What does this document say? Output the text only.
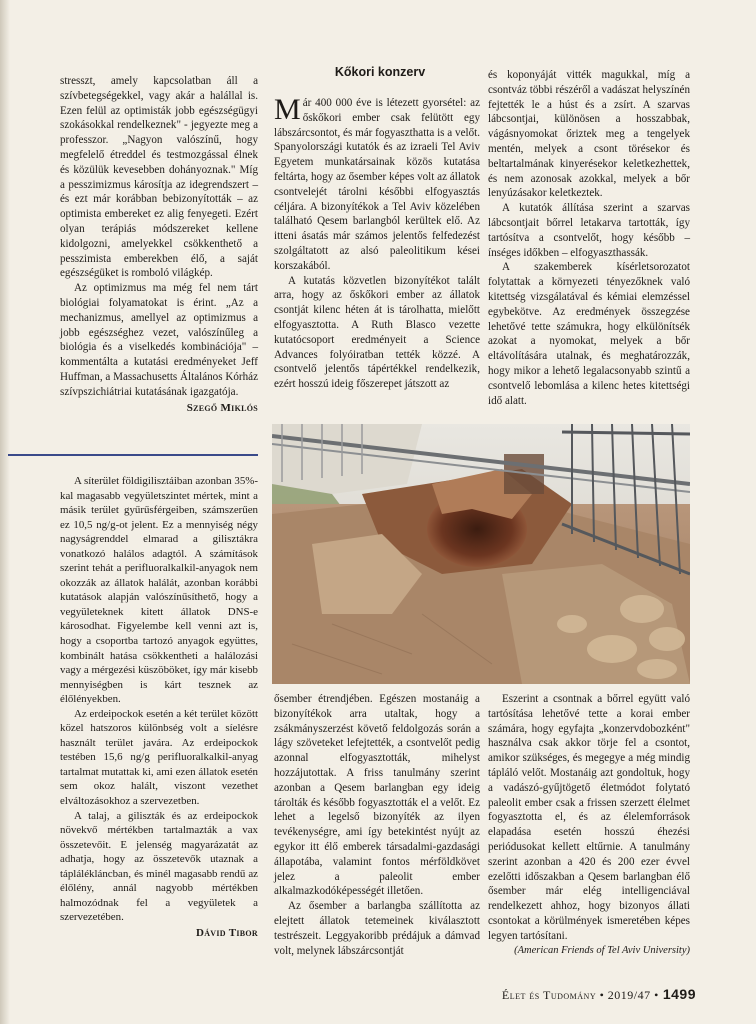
stresszt, amely kapcsolatban áll a szívbetegségekkel, vagy akár a halállal is. Ezen felül az optimisták jobb egészségügyi szokásokkal rendelkeznek" - jegyezte meg a professzor. „Nagyon valószínű, hogy megfelelő étreddel és testmozgással élnek és közülük kevesebben dohányoznak." Míg a pesszimizmus károsítja az idegrendszert – és ezt már korábban bebizonyították – az optimista embereket ez alig fenyegeti. Ezért olyan terápiás módszereket kellene kidolgozni, amelyekkel csökkenthető a pesszimista emberekben élő, a saját egészségüket is romboló világkép.

Az optimizmus ma még fel nem tárt biológiai folyamatokat is érint. „Az a mechanizmus, amellyel az optimizmus a jobb egészséghez vezet, valószínűleg a biológia és a viselkedés kombinációja" – kommentálta a kutatási eredményeket Jeff Huffman, a Massachusetts Általános Kórház szívpszichiátriai kutatásának igazgatója.

Szegő Miklós

A síterület földigiliszt​áiban azonban 35%-kal magasabb vegyületszintet mértek, mint a másik terület gyűrűsférgeiben, számszerűen ez 10,5 ng/g-ot jelent. Ez a mennyiség négy nagyságrenddel elmarad a gilisztákra vonatkozó halálos adagtól. A számítások szerint tehát a perifluoralkalkil-anyagok nem okozzák az állatok halálát, azonban korábbi kutatások alapján valószínűsíthető, hogy a vegyületeknek kitett állatok DNS-e károsodhat. Figyelembe kell venni azt is, hogy a csoportba tartozó anyagok együttes, kombinált hatása csökkentheti a halálozási vagy a mérgezési küszöböket, így már kisebb mennyiségben is kárt tesznek az élőlényekben.

Az erdeipockok esetén a két terület között közel hatszoros különbség volt a síelésre használt terület javára. Az erdeipockok testében 15,6 ng/g perifluoralkalkil-anyag tartalmat mutattak ki, ami ezen állatok esetén sem okoz halált, viszont vezethet elváltozásokhoz a szervezetben.

A talaj, a giliszták és az erdeipockok növekvő mértékben tartalmazták a vax összetevőit. E jelenség magyarázatát az adhatja, hogy az összetevők utaznak a táplálékláncban, és minél magasabb rendű az élőlény, annál nagyobb mértékben halmozódnak fel a vegyületek a szervezetében.

Dávid Tibor
Kőkori konzerv

Már 400 000 éve is létezett gyorsétel: az őskőkori ember csak felütött egy lábszárcsontot, és már fogyaszthatta is a velőt. Spanyolországi kutatók és az izraeli Tel Aviv Egyetem munkatársainak közös kutatása feltárta, hogy az ősember képes volt az állatok csontvelejét tárolni későbbi elfogyasztás céljára. A bizonyítékok a Tel Aviv közelében található Qesem barlangból kerültek elő. Az itteni ásatás már számos jelentős felfedezést szolgáltatott az alsó paleolitikum kései korszakából.

A kutatás közvetlen bizonyítékot talált arra, hogy az őskőkori ember az állatok csontját kilenc héten át is tárolhatta, mielőtt elfogyasztotta. A Ruth Blasco vezette kutatócsoport eredményeit a Science Advances folyóiratban tették közzé. A csontvelő jelentős tápértékkel rendelkezik, ezért hosszú ideig főszerepet játszott az

és koponyáját vitték magukkal, míg a csontváz többi részéről a vadászat helyszínén fejtették le a húst és a zsírt. A szarvas lábcsontjai, különösen a hosszabbak, vágásnyomokat őriztek meg a tengelyek mentén, melyek a csont törésekor és beltartalmának kinyerésekor keletkezhettek, és nem azonosak azokkal, melyek a bőr lenyúzásakor keletkeztek.

A kutatók állítása szerint a szarvas lábcsontjait bőrrel letakarva tartották, így tartósítva a csontvelőt, hogy később – ínséges időkben – elfogyaszthassák.

A szakemberek kísérletsorozatot folytattak a környezeti tényezőknek való kitettség vizsgálatával és kémiai elemzéssel egybekötve. Az eredmények összegzése lehetővé tette számukra, hogy elkülönítsék azokat a nyomokat, melyek a bőr eltávolítására utalnak, és meghatározzák, hogy mikor a lehető legalacsonyabb szintű a csontvelő lebomlása a kilenc hetes kitettségi idő alatt.

ősember étrendjében. Egészen mostanáig a bizonyítékok arra utaltak, hogy a zsákmányszerzést követő feldolgozás során a lágy szöveteket lefejtették, a csontvelőt pedig azonnal elfogyasztották, mihelyst hozzájutottak. A friss tanulmány szerint azonban a Qesem barlangban egy ideig tárolták és később fogyasztották el a velőt. Ez lehet a legelső bizonyíték az ilyen tevékenységre, ami így betekintést nyújt az egykor itt élő emberek társadalmi-gazdasági állapotába, valamint fontos mérföldkövet jelez a paleolit ember alkalmazkodóképességét illetően.

Az ősember a barlangba szállította az elejtett állatok tetemeinek kiválasztott testrészeit. Leggyakoribb prédájuk a dámvad volt, melynek lábszárcsontját

Eszerint a csontnak a bőrrel együtt való tartósítása lehetővé tette a korai ember számára, hogy egyfajta „konzervdobozként" használva csak akkor törje fel a csontot, amikor szükséges, és megegye a még mindig tápláló velőt. Mostanáig azt gondoltuk, hogy a vadászó-gyűjtögető életmódot folytató paleolit ember csak a frissen szerzett élelmet fogyasztotta el, és az élelemforrások elapadása esetén hosszú éhezési periódusokat kellett eltűrnie. A tanulmány szerint azonban a 420 és 200 ezer évvel ezelőtti időszakban a Qesem barlangban élő ősember már elég intelligenciával rendelkezett ahhoz, hogy bizonyos állati csontokat a körülmények ismeretében képes legyen tartósítani.

(American Friends of Tel Aviv University)
Élet és Tudomány • 2019/47 • 1499
